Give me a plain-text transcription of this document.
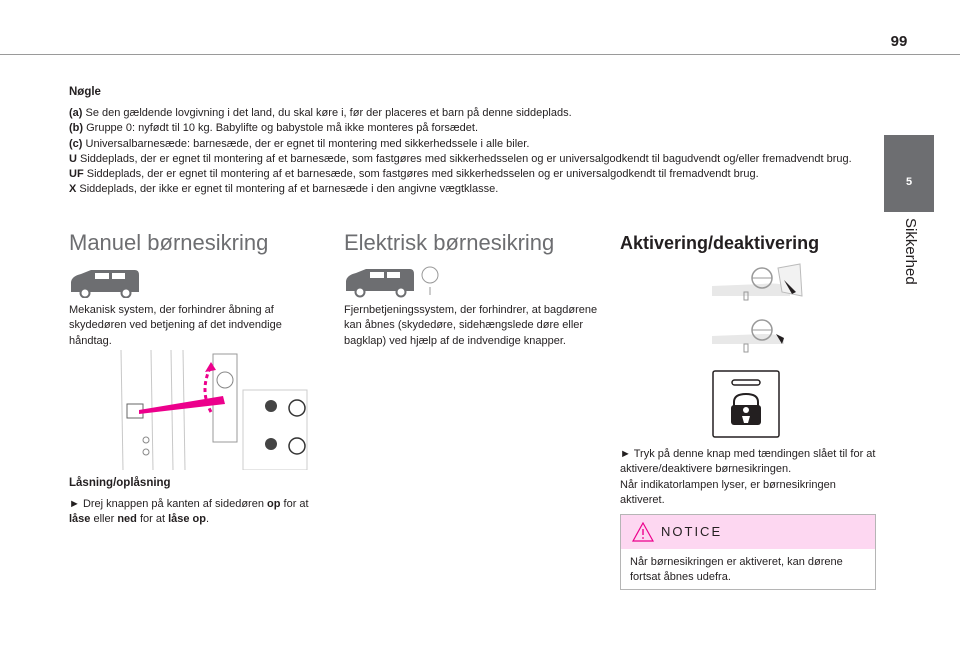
99
5
Sikkerhed
Nøgle
(a) Se den gældende lovgivning i det land, du skal køre i, før der placeres et barn på denne siddeplads.
(b) Gruppe 0: nyfødt til 10 kg. Babylifte og babystole må ikke monteres på forsædet.
(c) Universalbarnesæde: barnesæde, der er egnet til montering med sikkerhedssele i alle biler.
U Siddeplads, der er egnet til montering af et barnesæde, som fastgøres med sikkerhedsselen og er universalgodkendt til bagudvendt og/eller fremadvendt brug.
UF Siddeplads, der er egnet til montering af et barnesæde, som fastgøres med sikkerhedsselen og er universalgodkendt til fremadvendt brug.
X Siddeplads, der ikke er egnet til montering af et barnesæde i den angivne vægtklasse.
Manuel børnesikring
Mekanisk system, der forhindrer åbning af skydedøren ved betjening af det indvendige håndtag.
Låsning/oplåsning
► Drej knappen på kanten af sidedøren op for at låse eller ned for at låse op.
Elektrisk børnesikring
Fjernbetjeningssystem, der forhindrer, at bagdørene kan åbnes (skydedøre, sidehængslede døre eller bagklap) ved hjælp af de indvendige knapper.
Aktivering/deaktivering
► Tryk på denne knap med tændingen slået til for at aktivere/deaktivere børnesikringen.
Når indikatorlampen lyser, er børnesikringen aktiveret.
NOTICE
Når børnesikringen er aktiveret, kan dørene fortsat åbnes udefra.
